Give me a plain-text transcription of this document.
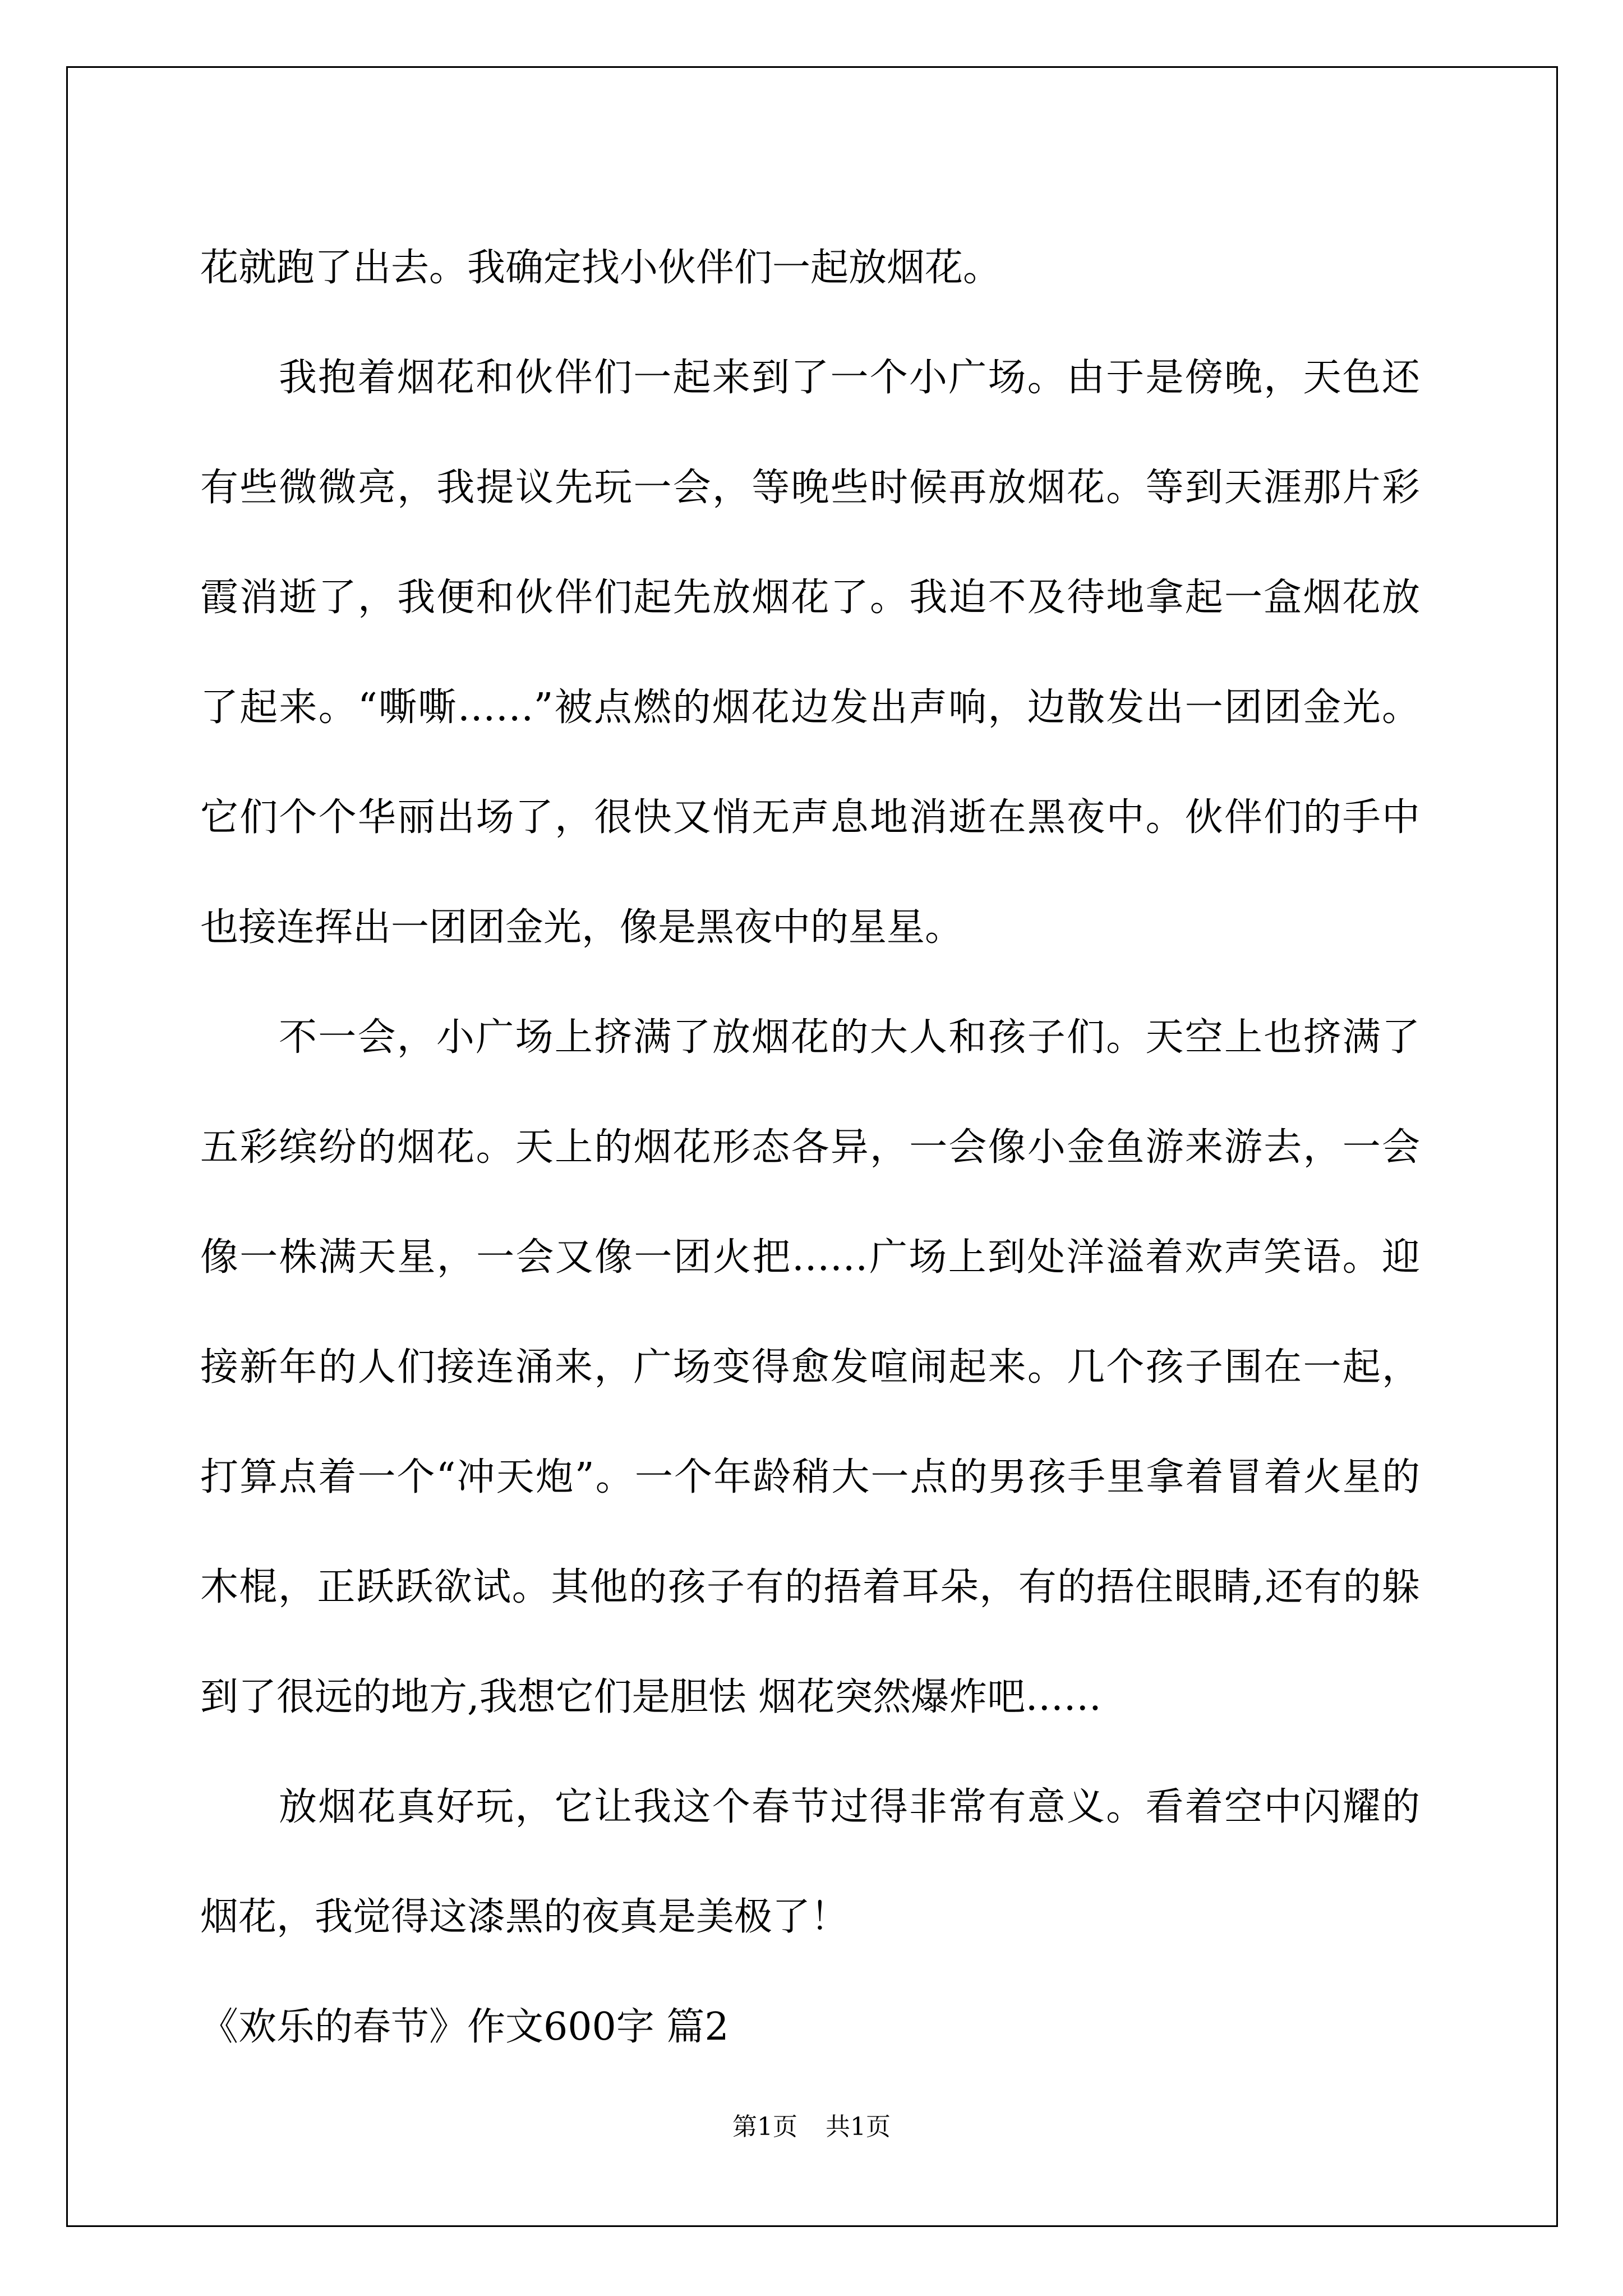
花就跑了出去。我确定找小伙伴们一起放烟花。

我抱着烟花和伙伴们一起来到了一个小广场。由于是傍晚，天色还有些微微亮，我提议先玩一会，等晚些时候再放烟花。等到天涯那片彩霞消逝了，我便和伙伴们起先放烟花了。我迫不及待地拿起一盒烟花放了起来。“嘶嘶……”被点燃的烟花边发出声响，边散发出一团团金光。它们个个华丽出场了，很快又悄无声息地消逝在黑夜中。伙伴们的手中也接连挥出一团团金光，像是黑夜中的星星。

不一会，小广场上挤满了放烟花的大人和孩子们。天空上也挤满了五彩缤纷的烟花。天上的烟花形态各异，一会像小金鱼游来游去，一会像一株满天星，一会又像一团火把……广场上到处洋溢着欢声笑语。迎接新年的人们接连涌来，广场变得愈发喧闹起来。几个孩子围在一起，打算点着一个“冲天炮”。一个年龄稍大一点的男孩手里拿着冒着火星的木棍，正跃跃欲试。其他的孩子有的捂着耳朵，有的捂住眼睛,还有的躲到了很远的地方,我想它们是胆怯 烟花突然爆炸吧……

放烟花真好玩，它让我这个春节过得非常有意义。看着空中闪耀的烟花，我觉得这漆黑的夜真是美极了！

《欢乐的春节》作文600字 篇2

第1页 共1页
